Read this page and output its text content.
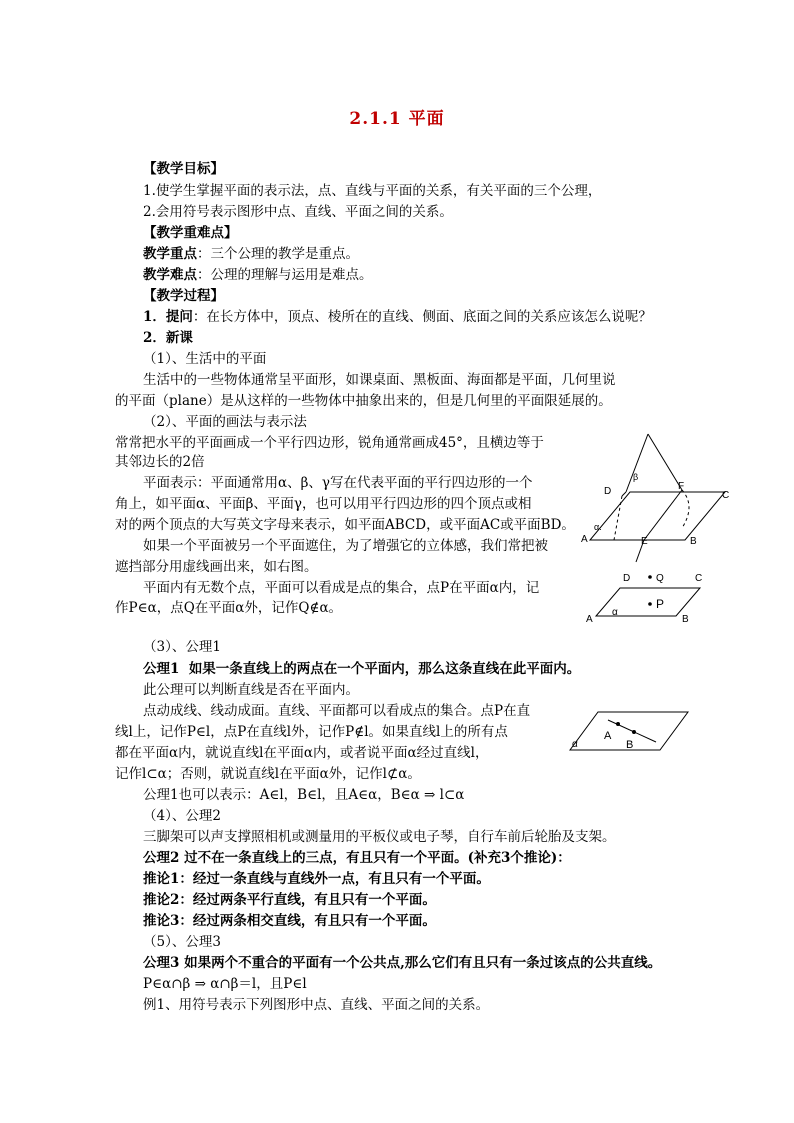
2.1.1 平面
【教学目标】
1.使学生掌握平面的表示法，点、直线与平面的关系，有关平面的三个公理，
2.会用符号表示图形中点、直线、平面之间的关系。
【教学重难点】
教学重点：三个公理的教学是重点。
教学难点：公理的理解与运用是难点。
【教学过程】
1．提问：在长方体中，顶点、棱所在的直线、侧面、底面之间的关系应该怎么说呢？
2．新课
（1）、生活中的平面
生活中的一些物体通常呈平面形，如课桌面、黑板面、海面都是平面，几何里说
的平面（plane）是从这样的一些物体中抽象出来的，但是几何里的平面限延展的。
（2）、平面的画法与表示法
常常把水平的平面画成一个平行四边形，锐角通常画成45°，且横边等于
其邻边长的2倍
平面表示：平面通常用α、β、γ写在代表平面的平行四边形的一个
角上，如平面α、平面β、平面γ，也可以用平行四边形的四个顶点或相
对的两个顶点的大写英文字母来表示，如平面ABCD，或平面AC或平面BD。
如果一个平面被另一个平面遮住，为了增强它的立体感，我们常把被
遮挡部分用虚线画出来，如右图。
平面内有无数个点，平面可以看成是点的集合，点P在平面α内，记
作P∈α，点Q在平面α外，记作Q∉α。
（3）、公理1
公理1 如果一条直线上的两点在一个平面内，那么这条直线在此平面内。
此公理可以判断直线是否在平面内。
点动成线、线动成面。直线、平面都可以看成点的集合。点P在直
线l上，记作P∈l，点P在直线l外，记作P∉l。如果直线l上的所有点
都在平面α内，就说直线l在平面α内，或者说平面α经过直线l，
记作l⊂α；否则，就说直线l在平面α外，记作l⊄α。
公理1也可以表示：A∈l，B∈l，且A∈α，B∈α ⇒ l⊂α
（4）、公理2
三脚架可以声支撑照相机或测量用的平板仪或电子琴，自行车前后轮胎及支架。
公理2 过不在一条直线上的三点，有且只有一个平面。(补充3个推论)：
推论1：经过一条直线与直线外一点，有且只有一个平面。
推论2：经过两条平行直线，有且只有一个平面。
推论3：经过两条相交直线，有且只有一个平面。
（5）、公理3
公理3 如果两个不重合的平面有一个公共点,那么它们有且只有一条过该点的公共直线。
P∈α∩β ⇒ α∩β＝l，且P∈l
例1、用符号表示下列图形中点、直线、平面之间的关系。
D	F
C
A	E	B
α.
β
D	Q	C
P
A	B
α
A
B
α
